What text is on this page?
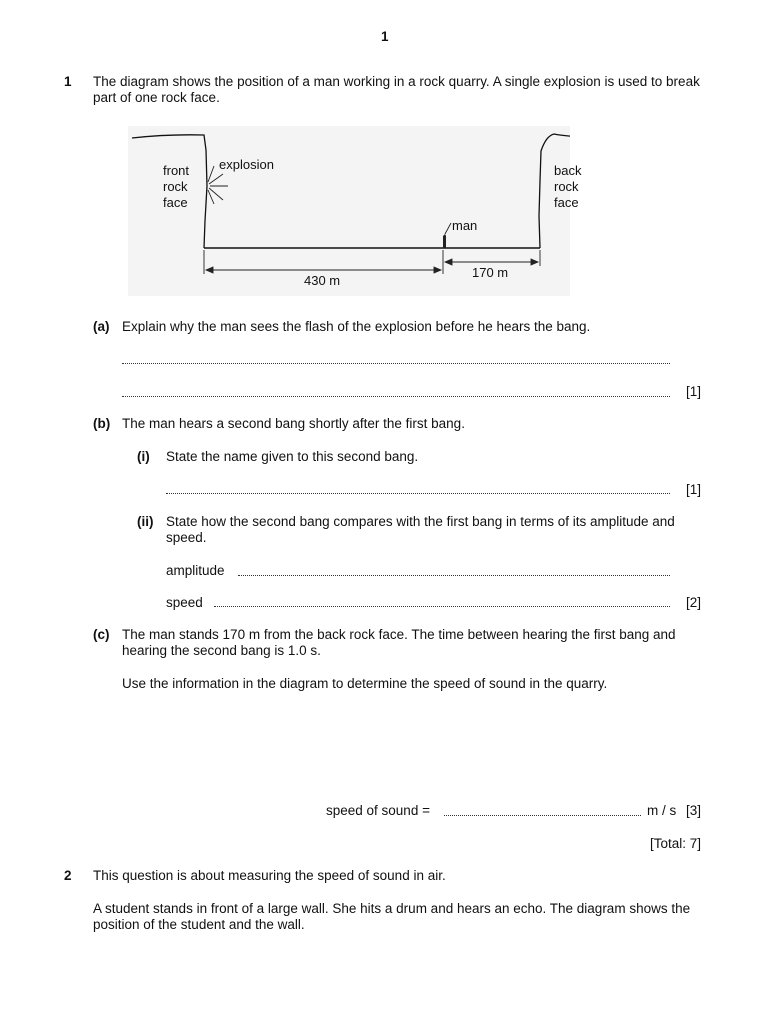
1
1 The diagram shows the position of a man working in a rock quarry. A single explosion is used to break part of one rock face.
front
rock
face
explosion	back
rock
face
man
430 m
170 m
(a) Explain why the man sees the flash of the explosion before he hears the bang.
[1]
(b) The man hears a second bang shortly after the first bang.
(i) State the name given to this second bang.
[1]
(ii) State how the second bang compares with the first bang in terms of its amplitude and speed.
amplitude
speed	[2]
(c) The man stands 170 m from the back rock face. The time between hearing the first bang and hearing the second bang is 1.0 s.
Use the information in the diagram to determine the speed of sound in the quarry.
speed of sound =	m / s [3]
[Total: 7]
2 This question is about measuring the speed of sound in air.
A student stands in front of a large wall. She hits a drum and hears an echo. The diagram shows the position of the student and the wall.
